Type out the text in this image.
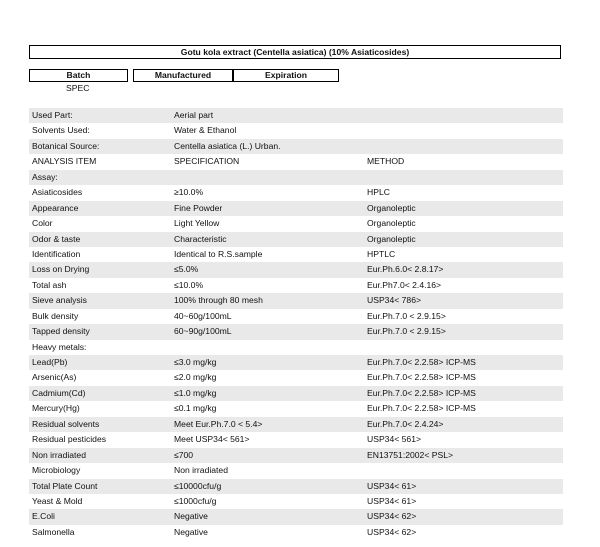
Gotu kola extract (Centella asiatica) (10% Asiaticosides)
Batch	Manufactured	Expiration
SPEC
Used Part:	Aerial part
Solvents Used:	Water & Ethanol
Botanical Source:	Centella asiatica (L.) Urban.
ANALYSIS ITEM	SPECIFICATION	METHOD
Assay:
Asiaticosides	≥10.0%	HPLC
Appearance	Fine Powder	Organoleptic
Color	Light Yellow	Organoleptic
Odor & taste	Characteristic	Organoleptic
Identification	Identical to R.S.sample	HPTLC
Loss on Drying	≤5.0%	Eur.Ph.6.0< 2.8.17>
Total ash	≤10.0%	Eur.Ph7.0< 2.4.16>
Sieve analysis	100% through 80 mesh	USP34< 786>
Bulk density	40~60g/100mL	Eur.Ph.7.0 < 2.9.15>
Tapped density	60~90g/100mL	Eur.Ph.7.0 < 2.9.15>
Heavy metals:
Lead(Pb)	≤3.0 mg/kg	Eur.Ph.7.0< 2.2.58> ICP-MS
Arsenic(As)	≤2.0 mg/kg	Eur.Ph.7.0< 2.2.58> ICP-MS
Cadmium(Cd)	≤1.0 mg/kg	Eur.Ph.7.0< 2.2.58> ICP-MS
Mercury(Hg)	≤0.1 mg/kg	Eur.Ph.7.0< 2.2.58> ICP-MS
Residual solvents	Meet Eur.Ph.7.0 < 5.4>	Eur.Ph.7.0< 2.4.24>
Residual pesticides	Meet USP34< 561>	USP34< 561>
Non irradiated	≤700	EN13751:2002< PSL>
Microbiology	Non irradiated
Total Plate Count	≤10000cfu/g	USP34< 61>
Yeast & Mold	≤1000cfu/g	USP34< 61>
E.Coli	Negative	USP34< 62>
Salmonella	Negative	USP34< 62>
